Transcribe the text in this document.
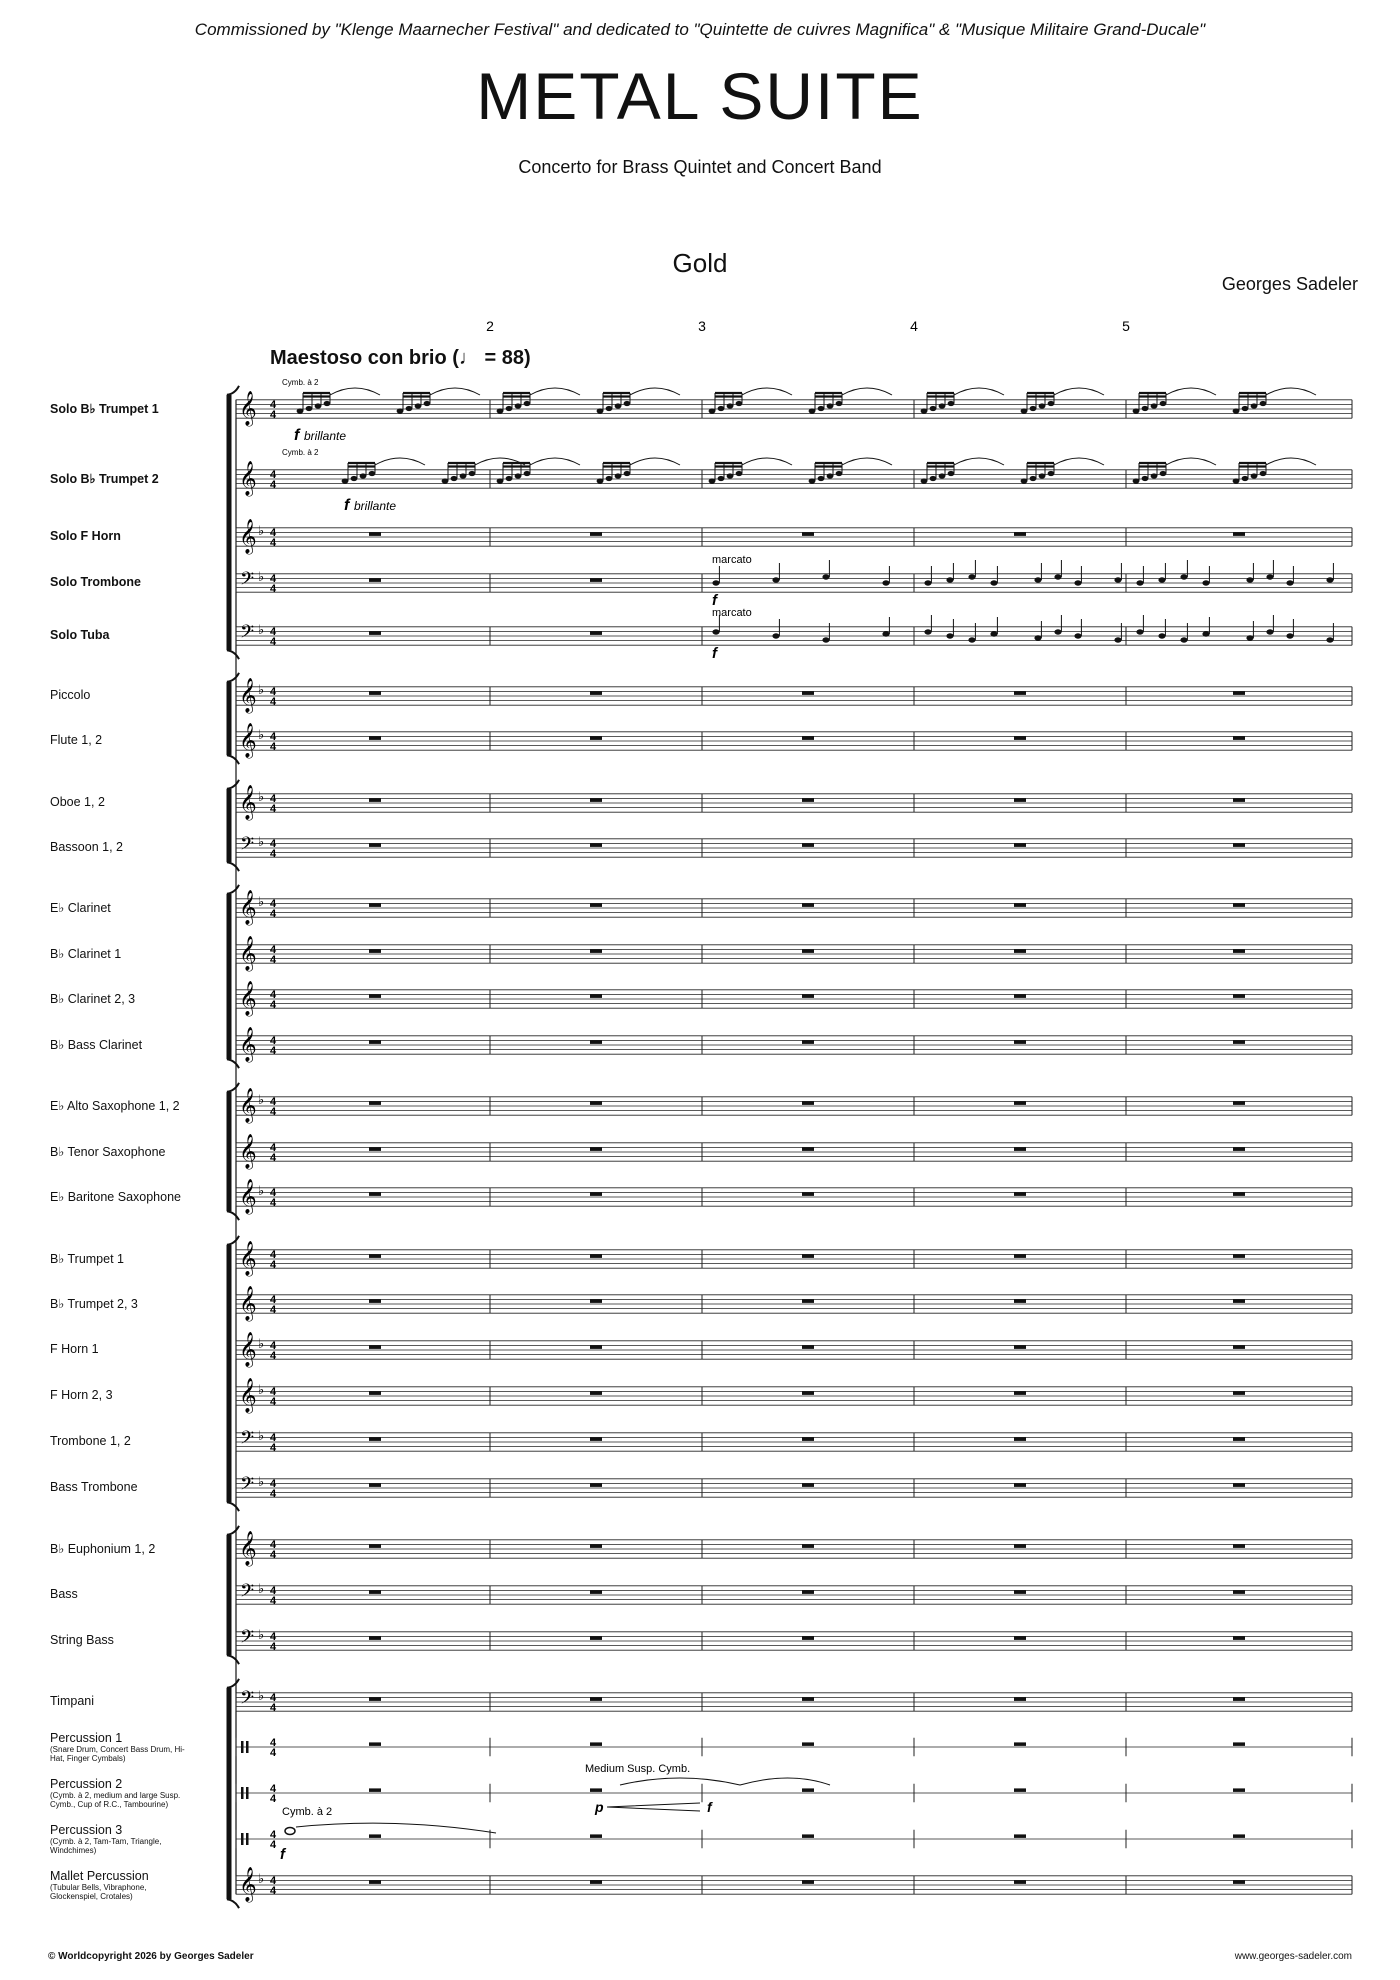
Commissioned by "Klenge Maarnecher Festival" and dedicated to "Quintette de cuivres Magnifica" & "Musique Militaire Grand-Ducale"
METAL SUITE
Concerto for Brass Quintet and Concert Band
Gold
Georges Sadeler
Maestoso con brio (♩ = 88)
Solo B♭ Trumpet 1
Solo B♭ Trumpet 2
Solo F Horn
Solo Trombone
Solo Tuba
Piccolo
Flute 1, 2
Oboe 1, 2
Bassoon 1, 2
E♭ Clarinet
B♭ Clarinet 1
B♭ Clarinet 2, 3
B♭ Bass Clarinet
E♭ Alto Saxophone 1, 2
B♭ Tenor Saxophone
E♭ Baritone Saxophone
B♭ Trumpet 1
B♭ Trumpet 2, 3
F Horn 1
F Horn 2, 3
Trombone 1, 2
Bass Trombone
B♭ Euphonium 1, 2
Bass
String Bass
Timpani
Percussion 1
(Snare Drum, Concert Bass Drum, Hi-Hat, Finger Cymbals)
Percussion 2
(Cymb. à 2, medium and large Susp. Cymb., Cup of R.C., Tambourine)
Percussion 3
(Cymb. à 2, Tam-Tam, Triangle, Windchimes)
Mallet Percussion
(Tubular Bells, Vibraphone, Glockenspiel, Crotales)
2	3	4	5
𝄞 4
4
𝄞 4
4
𝄞 ♭ 4
4
𝄢 ♭ 4
4
𝄢 ♭ 4
4
𝄞 ♭ 4
4
𝄞 ♭ 4
4
𝄞 ♭ 4
4
𝄢 ♭ 4
4
𝄞 ♭ 4
4
𝄞 4
4
𝄞 4
4
𝄞 4
4
𝄞 ♭ 4
4
𝄞 4
4
𝄞 ♭ 4
4
𝄞 4
4
𝄞 4
4
𝄞 ♭ 4
4
𝄞 ♭ 4
4
𝄢 ♭ 4
4
𝄢 ♭ 4
4
𝄞 4
4
𝄢 ♭ 4
4
𝄢 ♭ 4
4
𝄢 ♭ 4
4
4
4
4
4
4
4
𝄞 ♭ 4
4
f brillante
Cymb. à 2
f brillante
Cymb. à 2
marcato
f
marcato
f
Medium Susp. Cymb.
p	f
Cymb. à 2
f
© Worldcopyright 2026 by Georges Sadeler	www.georges-sadeler.com
